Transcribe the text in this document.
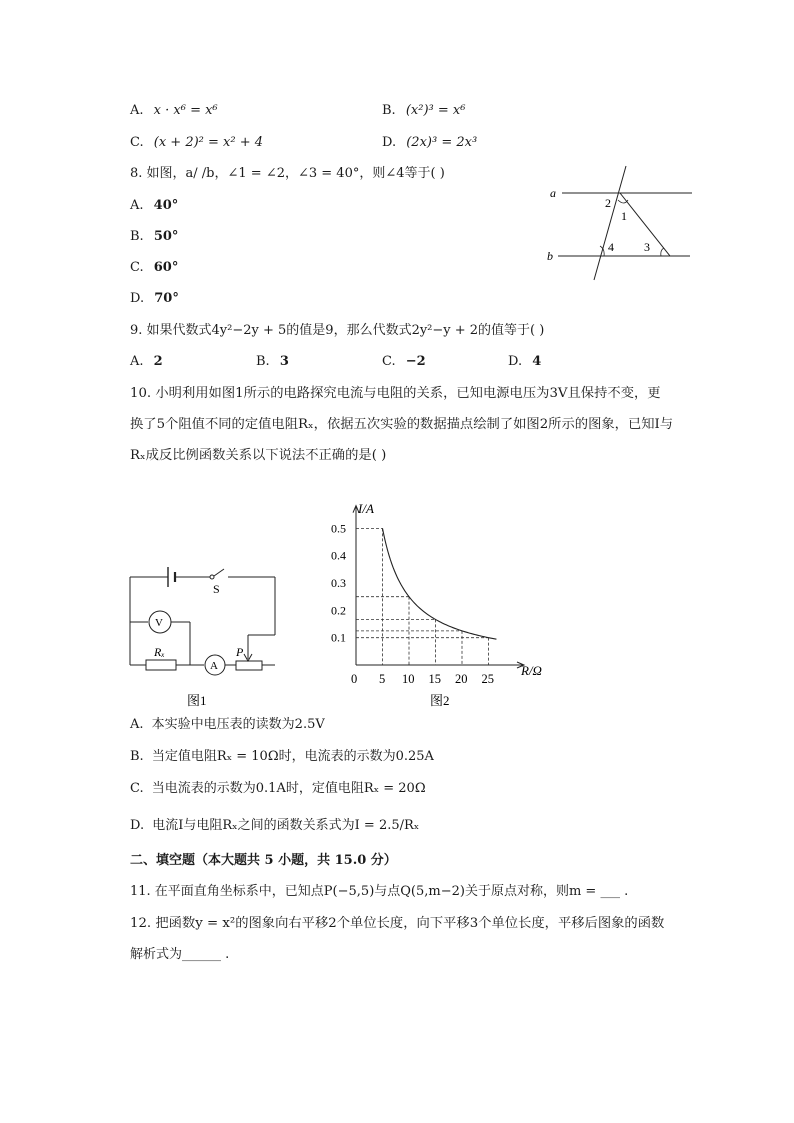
A. x · x⁶ = x⁶	B. (x²)³ = x⁶
C. (x + 2)² = x² + 4	D. (2x)³ = 2x³
8. 如图，a/ /b，∠1 = ∠2，∠3 = 40°，则∠4等于( )
A. 40°
B. 50°
C. 60°
D. 70°
a
b
2
1
4	3
9. 如果代数式4y²−2y + 5的值是9，那么代数式2y²−y + 2的值等于( )
A. 2	B. 3	C. −2	D. 4
10. 小明利用如图1所示的电路探究电流与电阻的关系，已知电源电压为3V且保持不变，更
换了5个阻值不同的定值电阻Rₓ，依据五次实验的数据描点绘制了如图2所示的图象，已知I与
Rₓ成反比例函数关系以下说法不正确的是( )
S
V
A
Rₓ	P
图1
0.1
0.2
0.3
0.4
0.5
5 10 15 20 25
I/A
R/Ω
0
图2
A. 本实验中电压表的读数为2.5V
B. 当定值电阻Rₓ = 10Ω时，电流表的示数为0.25A
C. 当电流表的示数为0.1A时，定值电阻Rₓ = 20Ω
D. 电流I与电阻Rₓ之间的函数关系式为I = 2.5/Rₓ
二、填空题（本大题共 5 小题，共 15.0 分）
11. 在平面直角坐标系中，已知点P(−5,5)与点Q(5,m−2)关于原点对称，则m = ___ .
12. 把函数y = x²的图象向右平移2个单位长度，向下平移3个单位长度，平移后图象的函数
解析式为______ .
